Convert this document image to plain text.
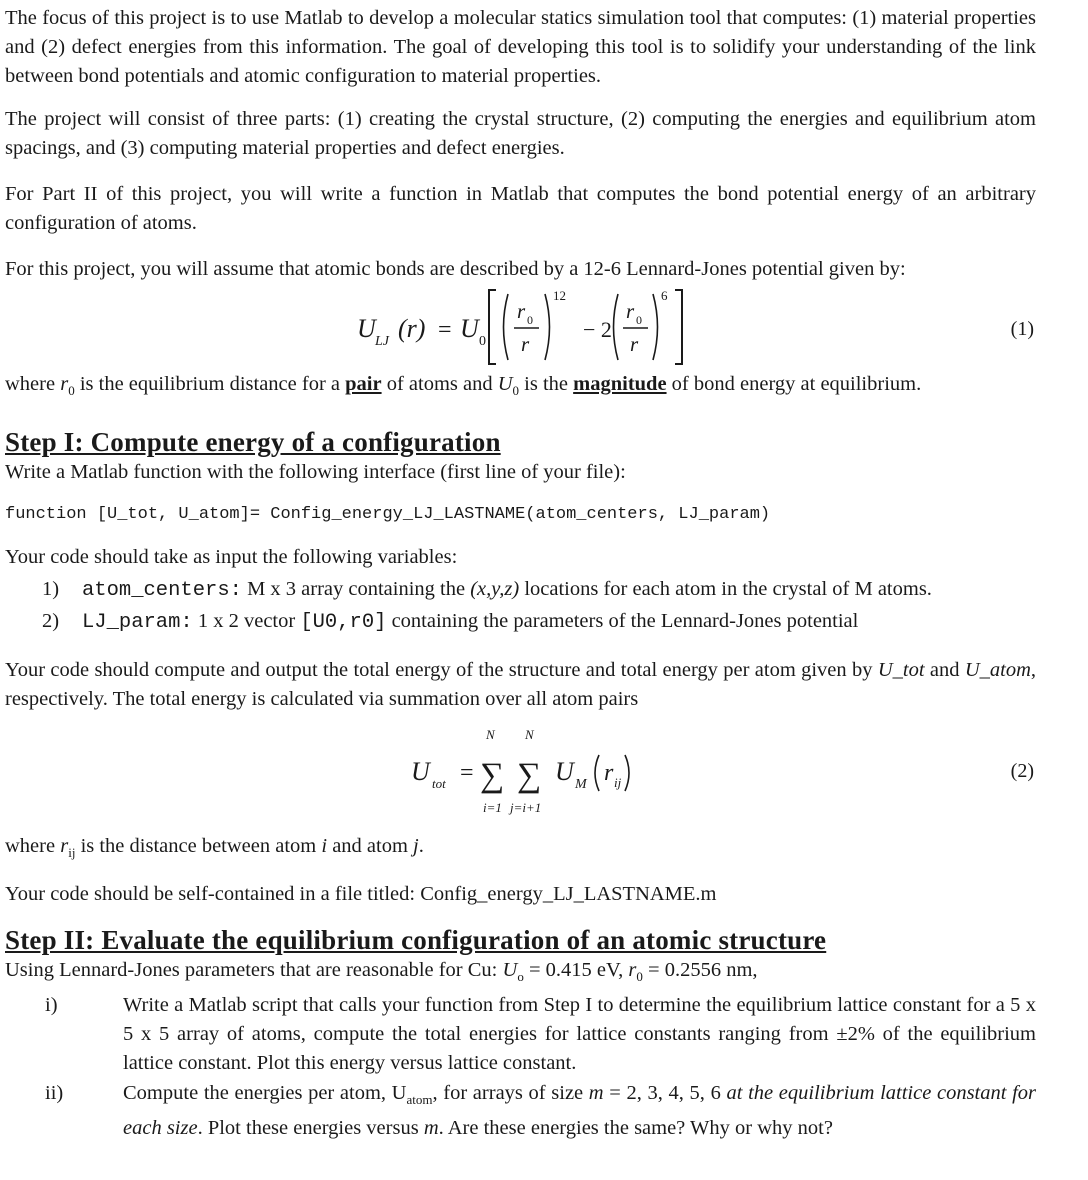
The focus of this project is to use Matlab to develop a molecular statics simulation tool that computes: (1) material properties and (2) defect energies from this information. The goal of developing this tool is to solidify your understanding of the link between bond potentials and atomic configuration to material properties.

The project will consist of three parts: (1) creating the crystal structure, (2) computing the energies and equilibrium atom spacings, and (3) computing material properties and defect energies.

For Part II of this project, you will write a function in Matlab that computes the bond potential energy of an arbitrary configuration of atoms.

For this project, you will assume that atomic bonds are described by a 12-6 Lennard-Jones potential given by:

U LJ (r) = U 0
r 0
r
12
− 2
r 0
r
6
(1)

where $r_0$ is the equilibrium distance for a pair of atoms and $U_0$ is the magnitude of bond energy at equilibrium.

Step I: Compute energy of a configuration

Write a Matlab function with the following interface (first line of your file):

function [U_tot, U_atom]= Config_energy_LJ_LASTNAME(atom_centers, LJ_param)

Your code should take as input the following variables:

1) atom_centers: M x 3 array containing the (x,y,z) locations for each atom in the crystal of M atoms.
2) LJ_param: 1 x 2 vector [U0,r0] containing the parameters of the Lennard-Jones potential

Your code should compute and output the total energy of the structure and total energy per atom given by U_tot and U_atom, respectively. The total energy is calculated via summation over all atom pairs

U tot =
N
∑
i=1
N
∑
j=i+1
U M r ij
(2)

where $r_{ij}$ is the distance between atom i and atom j.

Your code should be self-contained in a file titled: Config_energy_LJ_LASTNAME.m

Step II: Evaluate the equilibrium configuration of an atomic structure

Using Lennard-Jones parameters that are reasonable for Cu: $U_o = 0.415$ eV, $r_0 = 0.2556$ nm,

i)	Write a Matlab script that calls your function from Step I to determine the equilibrium lattice constant for a 5 x 5 x 5 array of atoms, compute the total energies for lattice constants ranging from ±2% of the equilibrium lattice constant. Plot this energy versus lattice constant.
ii)	Compute the energies per atom, $U_{atom}$, for arrays of size m = 2, 3, 4, 5, 6 at the equilibrium lattice constant for each size. Plot these energies versus m. Are these energies the same? Why or why not?
